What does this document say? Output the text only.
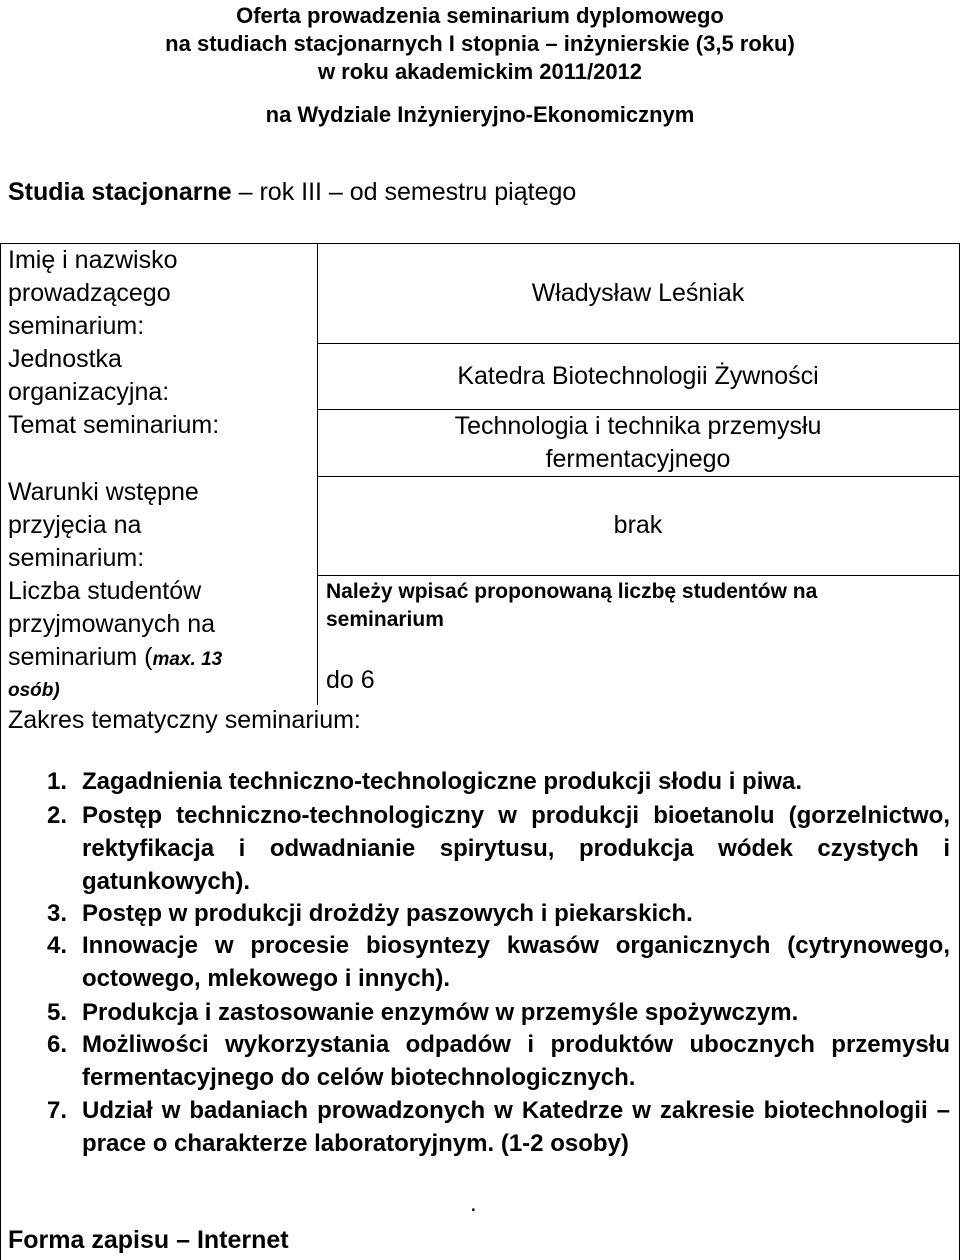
Oferta prowadzenia seminarium dyplomowego
na studiach stacjonarnych I stopnia – inżynierskie (3,5 roku)
w roku akademickim 2011/2012
na Wydziale Inżynieryjno-Ekonomicznym
Studia stacjonarne – rok III – od semestru piątego
Imię i nazwisko
prowadzącego
seminarium:
Jednostka
organizacyjna:
Temat seminarium:
Warunki wstępne
przyjęcia na
seminarium:
Liczba studentów
przyjmowanych na
seminarium (max. 13
osób)
Zakres tematyczny seminarium:
Władysław Leśniak
Katedra Biotechnologii Żywności
Technologia i technika przemysłu
fermentacyjnego
brak
Należy wpisać proponowaną liczbę studentów na
seminarium
do 6
1. Zagadnienia techniczno-technologiczne produkcji słodu i piwa.
2. Postęp techniczno-technologiczny w produkcji bioetanolu (gorzelnictwo, rektyfikacja i odwadnianie spirytusu, produkcja wódek czystych i gatunkowych).
3. Postęp w produkcji drożdży paszowych i piekarskich.
4. Innowacje w procesie biosyntezy kwasów organicznych (cytrynowego, octowego, mlekowego i innych).
5. Produkcja i zastosowanie enzymów w przemyśle spożywczym.
6. Możliwości wykorzystania odpadów i produktów ubocznych przemysłu fermentacyjnego do celów biotechnologicznych.
7. Udział w badaniach prowadzonych w Katedrze w zakresie biotechnologii – prace o charakterze laboratoryjnym. (1-2 osoby)
.
Forma zapisu – Internet
